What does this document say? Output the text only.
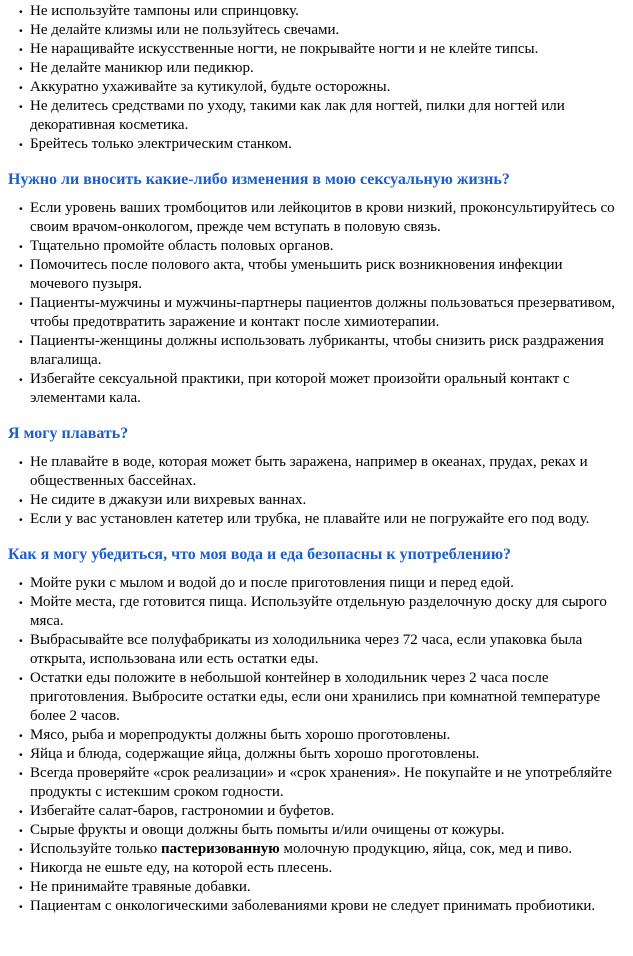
· Не используйте тампоны или спринцовку.
· Не делайте клизмы или не пользуйтесь свечами.
· Не наращивайте искусственные ногти, не покрывайте ногти и не клейте типсы.
· Не делайте маникюр или педикюр.
· Аккуратно ухаживайте за кутикулой, будьте осторожны.
· Не делитесь средствами по уходу, такими как лак для ногтей, пилки для ногтей или декоративная косметика.
· Брейтесь только электрическим станком.
Нужно ли вносить какие-либо изменения в мою сексуальную жизнь?
· Если уровень ваших тромбоцитов или лейкоцитов в крови низкий, проконсультируйтесь со своим врачом-онкологом, прежде чем вступать в половую связь.
· Тщательно промойте область половых органов.
· Помочитесь после полового акта, чтобы уменьшить риск возникновения инфекции мочевого пузыря.
· Пациенты-мужчины и мужчины-партнеры пациентов должны пользоваться презервативом, чтобы предотвратить заражение и контакт после химиотерапии.
· Пациенты-женщины должны использовать лубриканты, чтобы снизить риск раздражения влагалища.
· Избегайте сексуальной практики, при которой может произойти оральный контакт с элементами кала.
Я могу плавать?
· Не плавайте в воде, которая может быть заражена, например в океанах, прудах, реках и общественных бассейнах.
· Не сидите в джакузи или вихревых ваннах.
· Если у вас установлен катетер или трубка, не плавайте или не погружайте его под воду.
Как я могу убедиться, что моя вода и еда безопасны к употреблению?
· Мойте руки с мылом и водой до и после приготовления пищи и перед едой.
· Мойте места, где готовится пища. Используйте отдельную разделочную доску для сырого мяса.
· Выбрасывайте все полуфабрикаты из холодильника через 72 часа, если упаковка была открыта, использована или есть остатки еды.
· Остатки еды положите в небольшой контейнер в холодильник через 2 часа после приготовления. Выбросите остатки еды, если они хранились при комнатной температуре более 2 часов.
· Мясо, рыба и морепродукты должны быть хорошо проготовлены.
· Яйца и блюда, содержащие яйца, должны быть хорошо проготовлены.
· Всегда проверяйте «срок реализации» и «срок хранения». Не покупайте и не употребляйте продукты с истекшим сроком годности.
· Избегайте салат-баров, гастрономии и буфетов.
· Сырые фрукты и овощи должны быть помыты и/или очищены от кожуры.
· Используйте только пастеризованную молочную продукцию, яйца, сок, мед и пиво.
· Никогда не ешьте еду, на которой есть плесень.
· Не принимайте травяные добавки.
· Пациентам с онкологическими заболеваниями крови не следует принимать пробиотики.
